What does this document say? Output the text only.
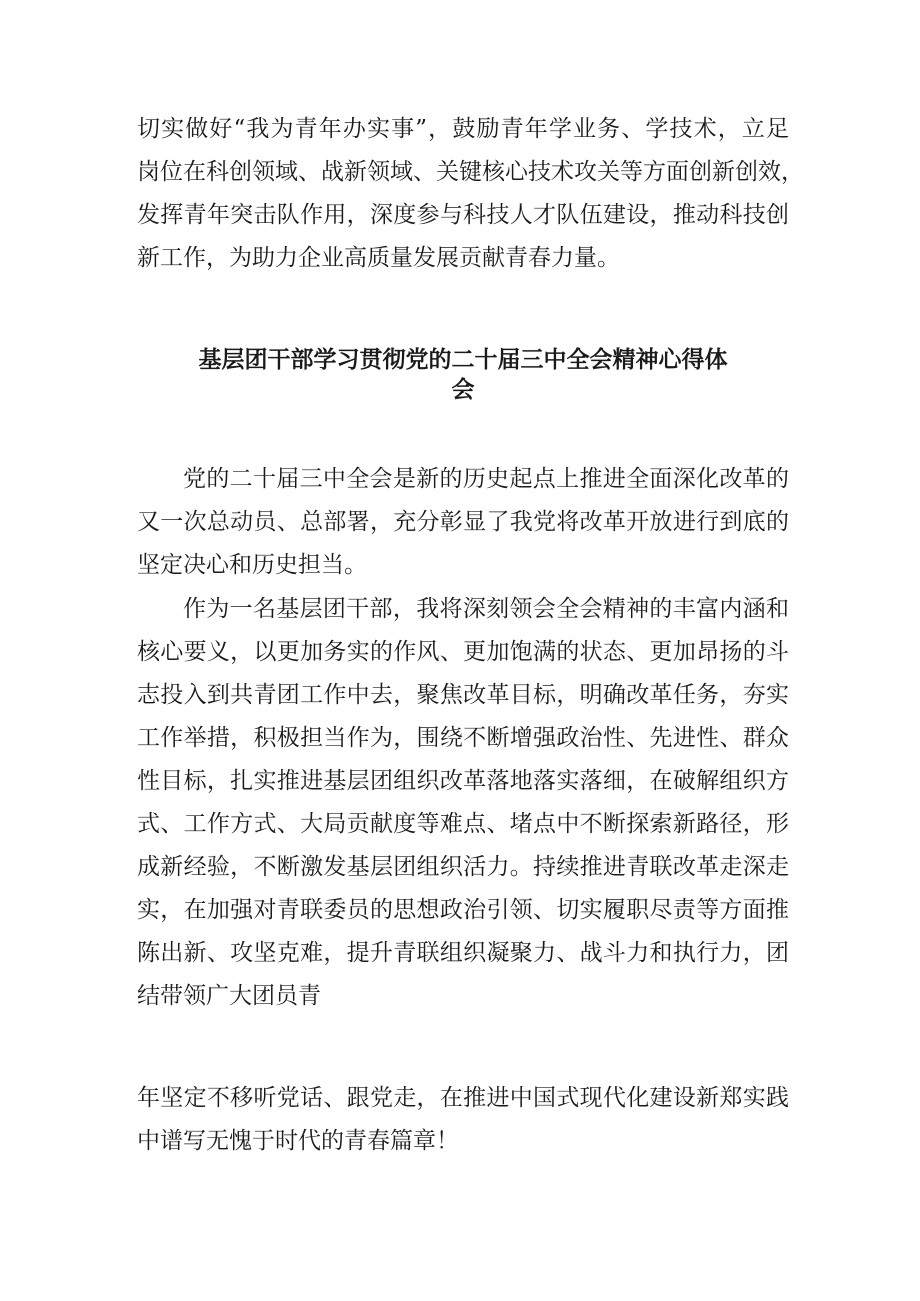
切实做好“我为青年办实事”，鼓励青年学业务、学技术，立足
岗位在科创领域、战新领域、关键核心技术攻关等方面创新创效，
发挥青年突击队作用，深度参与科技人才队伍建设，推动科技创
新工作，为助力企业高质量发展贡献青春力量。
基层团干部学习贯彻党的二十届三中全会精神心得体
会
党的二十届三中全会是新的历史起点上推进全面深化改革的
又一次总动员、总部署，充分彰显了我党将改革开放进行到底的
坚定决心和历史担当。
作为一名基层团干部，我将深刻领会全会精神的丰富内涵和
核心要义，以更加务实的作风、更加饱满的状态、更加昂扬的斗
志投入到共青团工作中去，聚焦改革目标，明确改革任务，夯实
工作举措，积极担当作为，围绕不断增强政治性、先进性、群众
性目标，扎实推进基层团组织改革落地落实落细，在破解组织方
式、工作方式、大局贡献度等难点、堵点中不断探索新路径，形
成新经验，不断激发基层团组织活力。持续推进青联改革走深走
实，在加强对青联委员的思想政治引领、切实履职尽责等方面推
陈出新、攻坚克难，提升青联组织凝聚力、战斗力和执行力，团
结带领广大团员青
年坚定不移听党话、跟党走，在推进中国式现代化建设新郑实践
中谱写无愧于时代的青春篇章！
